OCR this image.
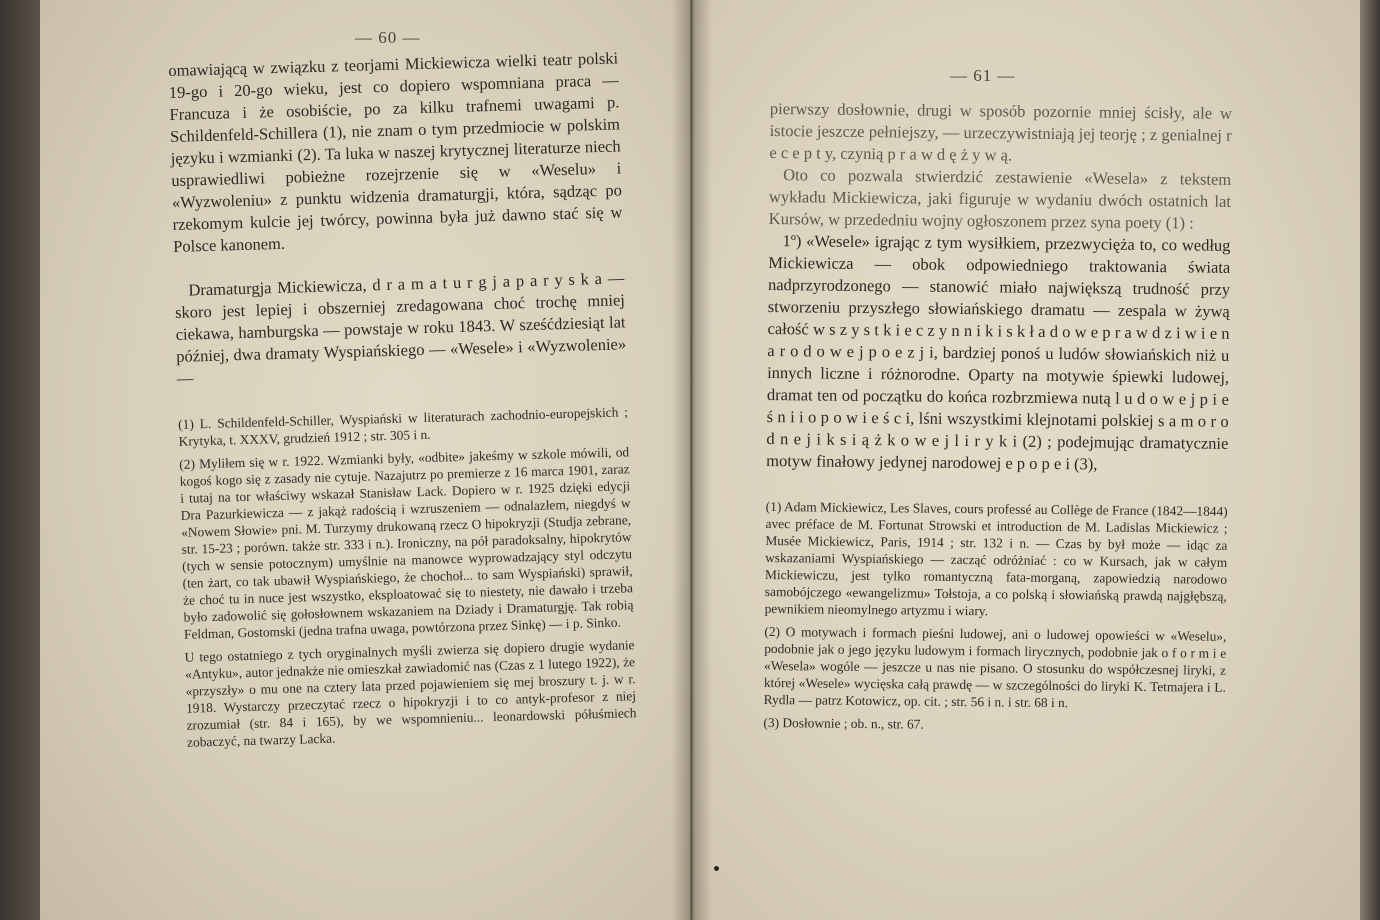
— 60 —

omawiającą w związku z teorjami Mickiewicza wielki teatr polski 19-go i 20-go wieku, jest co dopiero wspomniana praca — Francuza i że osobiście, po za kilku trafnemi uwagami p. Schildenfeld-Schillera (1), nie znam o tym przedmiocie w polskim języku i wzmianki (2). Ta luka w naszej krytycznej literaturze niech usprawiedliwi pobieżne rozejrzenie się w «Weselu» i «Wyzwoleniu» z punktu widzenia dramaturgji, która, sądząc po rzekomym kulcie jej twórcy, powinna była już dawno stać się w Polsce kanonem.

Dramaturgja Mickiewicza, d r a m a t u r g j a p a r y s k a — skoro jest lepiej i obszerniej zredagowana choć trochę mniej ciekawa, hamburgska — powstaje w roku 1843. W sześćdziesiąt lat później, dwa dramaty Wyspiańskiego — «Wesele» i «Wyzwolenie» —

(1) L. Schildenfeld-Schiller, Wyspiański w literaturach zachodnio-europejskich ; Krytyka, t. XXXV, grudzień 1912 ; str. 305 i n.

(2) Myliłem się w r. 1922. Wzmianki były, «odbite» jakeśmy w szkole mówili, od kogoś kogo się z zasady nie cytuje. Nazajutrz po premierze z 16 marca 1901, zaraz i tutaj na tor właściwy wskazał Stanisław Lack. Dopiero w r. 1925 dzięki edycji Dra Pazurkiewicza — z jakąż radością i wzruszeniem — odnalazłem, niegdyś w «Nowem Słowie» pni. M. Turzymy drukowaną rzecz O hipokryzji (Studja zebrane, str. 15-23 ; porówn. także str. 333 i n.). Ironiczny, na pół paradoksalny, hipokrytów (tych w sensie potocznym) umyślnie na manowce wyprowadzający styl odczytu (ten żart, co tak ubawił Wyspiańskiego, że chochoł... to sam Wyspiański) sprawił, że choć tu in nuce jest wszystko, eksploatować się to niestety, nie dawało i trzeba było zadowolić się gołosłownem wskazaniem na Dziady i Dramaturgję. Tak robią Feldman, Gostomski (jedna trafna uwaga, powtórzona przez Sinkę) — i p. Sinko.

U tego ostatniego z tych oryginalnych myśli zwierza się dopiero drugie wydanie «Antyku», autor jednakże nie omieszkał zawiadomić nas (Czas z 1 lutego 1922), że «przyszły» o mu one na cztery lata przed pojawieniem się mej broszury t. j. w r. 1918. Wystarczy przeczytać rzecz o hipokryzji i to co antyk-profesor z niej zrozumiał (str. 84 i 165), by we wspomnieniu... leonardowski półuśmiech zobaczyć, na twarzy Lacka.

— 61 —

pierwszy dosłownie, drugi w sposób pozornie mniej ścisły, ale w istocie jeszcze pełniejszy, — urzeczywistniają jej teorję ; z genialnej r e c e p t y, czynią p r a w d ę ż y w ą.

Oto co pozwala stwierdzić zestawienie «Wesela» z tekstem wykładu Mickiewicza, jaki figuruje w wydaniu dwóch ostatnich lat Kursów, w przededniu wojny ogłoszonem przez syna poety (1) :

1º) «Wesele» igrając z tym wysiłkiem, przezwycięża to, co według Mickiewicza — obok odpowiedniego traktowania świata nadprzyrodzonego — stanowić miało największą trudność przy stworzeniu przyszłego słowiańskiego dramatu — zespala w żywą całość w s z y s t k i e c z y n n i k i s k ł a d o w e p r a w d z i w i e n a r o d o w e j p o e z j i, bardziej ponoś u ludów słowiańskich niż u innych liczne i różnorodne. Oparty na motywie śpiewki ludowej, dramat ten od początku do końca rozbrzmiewa nutą l u d o w e j p i e ś n i i o p o w i e ś c i, lśni wszystkimi klejnotami polskiej s a m o r o d n e j i k s i ą ż k o w e j l i r y k i (2) ; podejmując dramatycznie motyw finałowy jedynej narodowej e p o p e i (3),

(1) Adam Mickiewicz, Les Slaves, cours professé au Collège de France (1842—1844) avec préface de M. Fortunat Strowski et introduction de M. Ladislas Mickiewicz ; Musée Mickiewicz, Paris, 1914 ; str. 132 i n. — Czas by był może — idąc za wskazaniami Wyspiańskiego — zacząć odróżniać : co w Kursach, jak w całym Mickiewiczu, jest tylko romantyczną fata-morganą, zapowiedzią narodowo samobójczego «ewangelizmu» Tołstoja, a co polską i słowiańską prawdą najgłębszą, pewnikiem nieomylnego artyzmu i wiary.

(2) O motywach i formach pieśni ludowej, ani o ludowej opowieści w «Weselu», podobnie jak o jego języku ludowym i formach lirycznych, podobnie jak o f o r m i e «Wesela» wogóle — jeszcze u nas nie pisano. O stosunku do współczesnej liryki, z której «Wesele» wycięska całą prawdę — w szczególności do liryki K. Tetmajera i L. Rydla — patrz Kotowicz, op. cit. ; str. 56 i n. i str. 68 i n.

(3) Dosłownie ; ob. n., str. 67.
